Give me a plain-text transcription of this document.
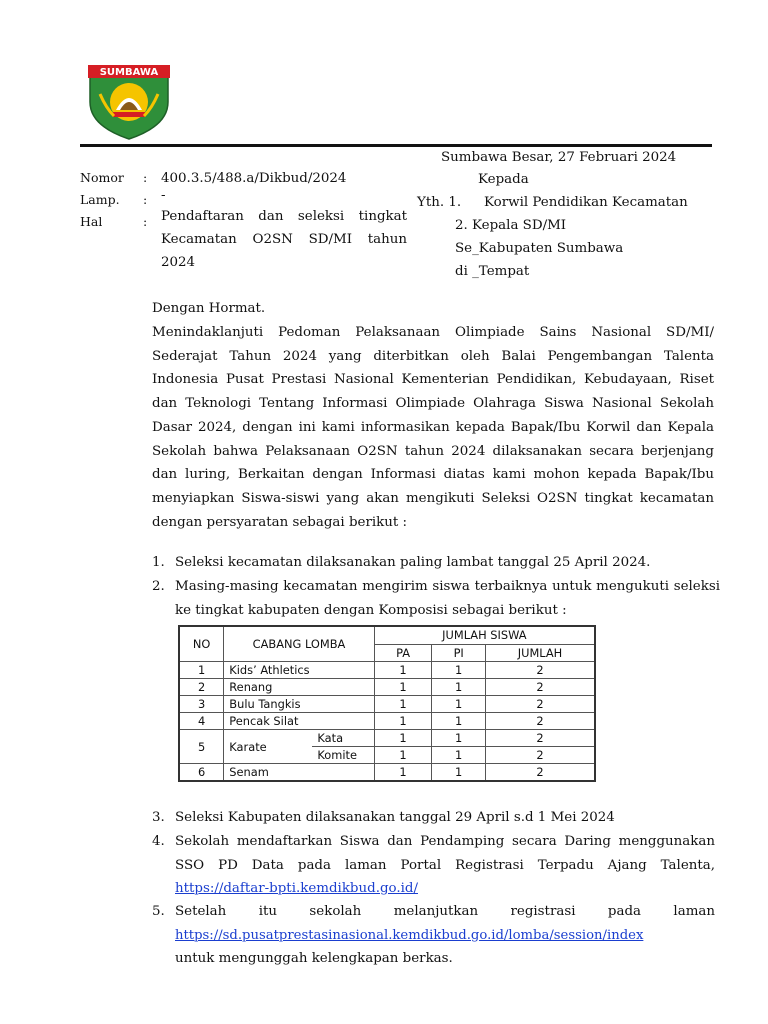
SUMBAWA
Sumbawa Besar, 27 Februari 2024
Nomor : 400.3.5/488.a/Dikbud/2024
Lamp. : -
Hal	: Pendaftaran dan seleksi tingkat
Kecamatan O2SN SD/MI tahun
2024
Kepada
Yth. 1. Korwil Pendidikan Kecamatan
2. Kepala SD/MI
Se_Kabupaten Sumbawa
di _Tempat
Dengan Hormat.
Menindaklanjuti Pedoman Pelaksanaan Olimpiade Sains Nasional SD/MI/ Sederajat Tahun 2024 yang diterbitkan oleh Balai Pengembangan Talenta Indonesia Pusat Prestasi Nasional Kementerian Pendidikan, Kebudayaan, Riset dan Teknologi Tentang Informasi Olimpiade Olahraga Siswa Nasional Sekolah Dasar 2024, dengan ini kami informasikan kepada Bapak/Ibu Korwil dan Kepala Sekolah bahwa Pelaksanaan O2SN tahun 2024 dilaksanakan secara berjenjang dan luring, Berkaitan dengan Informasi diatas kami mohon kepada Bapak/Ibu menyiapkan Siswa-siswi yang akan mengikuti Seleksi O2SN tingkat kecamatan dengan persyaratan sebagai berikut :
1. Seleksi kecamatan dilaksanakan paling lambat tanggal 25 April 2024.
2. Masing-masing kecamatan mengirim siswa terbaiknya untuk mengukuti seleksi ke tingkat kabupaten dengan Komposisi sebagai berikut :
NO	CABANG LOMBA		JUMLAH SISWA		
			PA	PI	JUMLAH
1	Kids’ Athletics		1	1	2
2	Renang		1	1	2
3	Bulu Tangkis		1	1	2
4	Pencak Silat		1	1	2
5	Karate	Kata	1	1	2
		Komite	1	1	2
6	Senam		1	1	2
3. Seleksi Kabupaten dilaksanakan tanggal 29 April s.d 1 Mei 2024
4. Sekolah mendaftarkan Siswa dan Pendamping secara Daring menggunakan SSO PD Data pada laman Portal Registrasi Terpadu Ajang Talenta, https://daftar-bpti.kemdikbud.go.id/
5. Setelah itu sekolah melanjutkan registrasi pada laman
https://sd.pusatprestasinasional.kemdikbud.go.id/lomba/session/index
untuk mengunggah kelengkapan berkas.
